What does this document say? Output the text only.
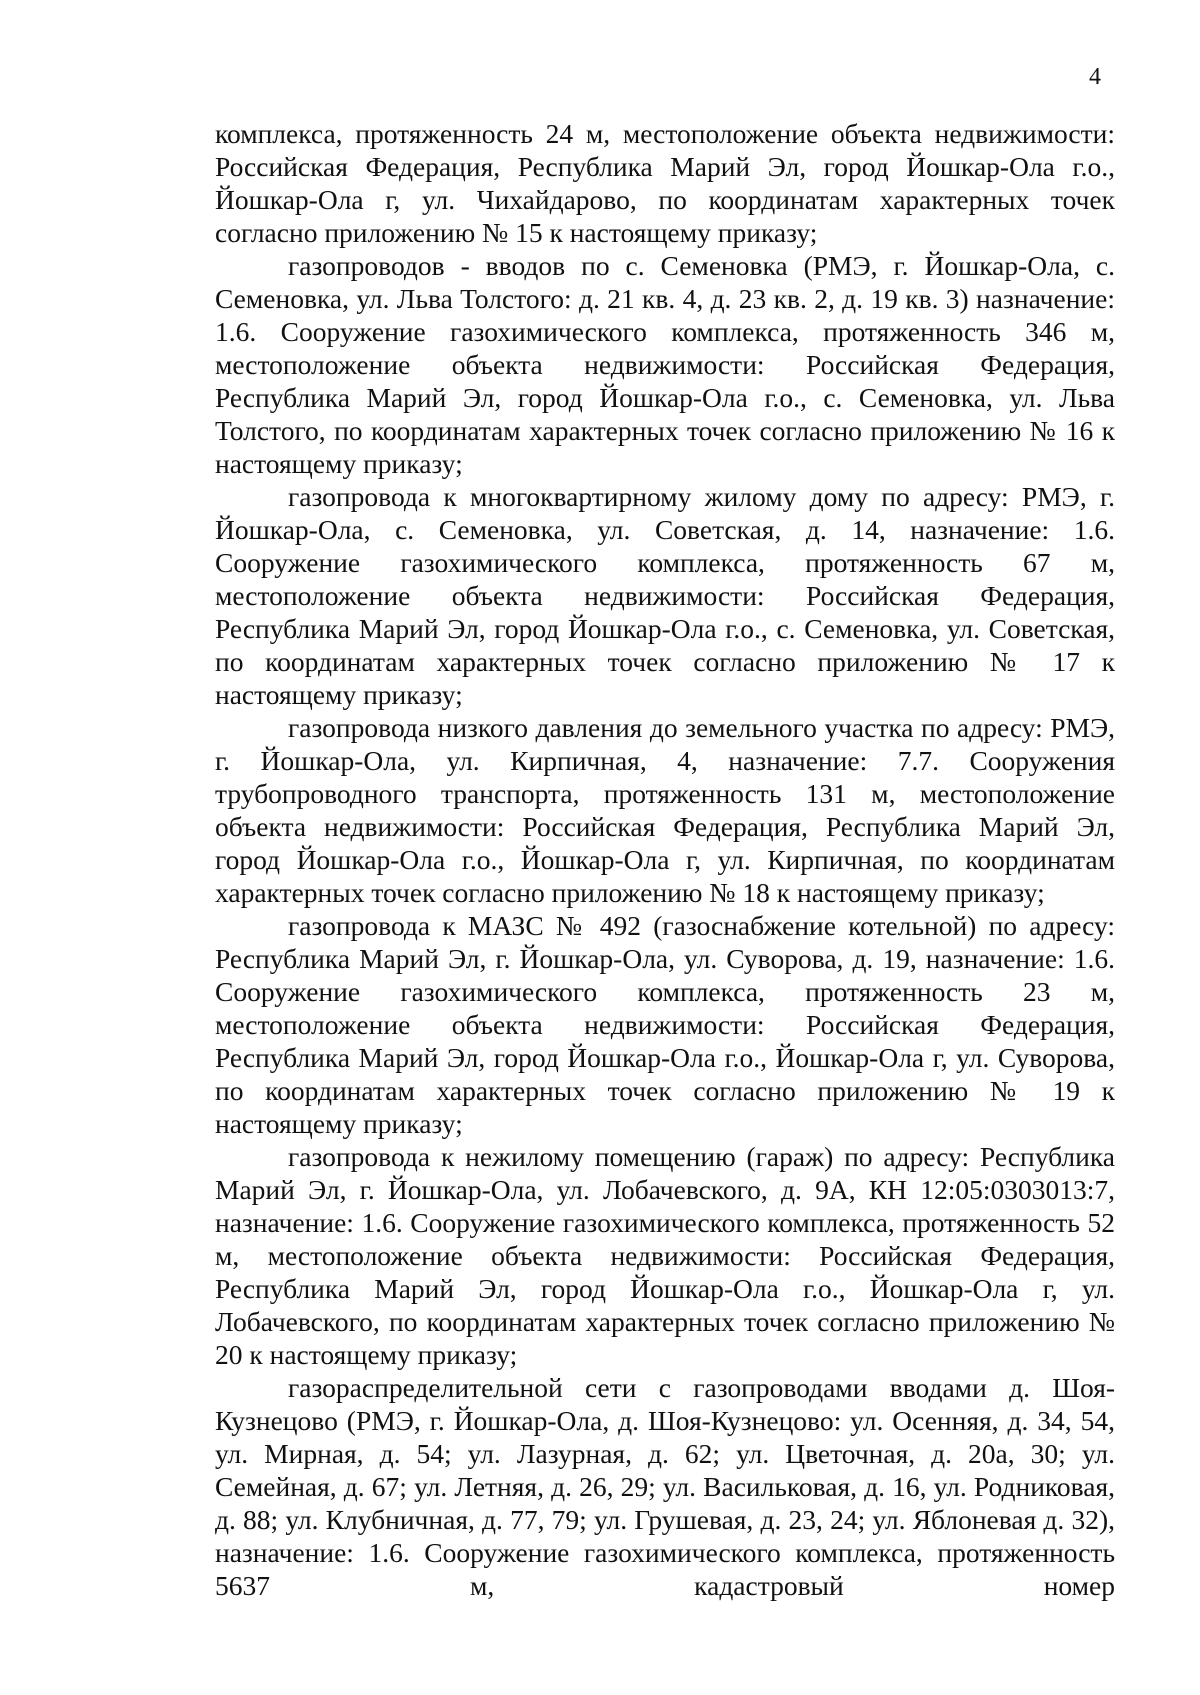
4

комплекса, протяженность 24 м, местоположение объекта недвижимости: Российская Федерация, Республика Марий Эл, город Йошкар-Ола г.о., Йошкар-Ола г, ул. Чихайдарово, по координатам характерных точек согласно приложению № 15 к настоящему приказу;

газопроводов - вводов по с. Семеновка (РМЭ, г. Йошкар-Ола, с. Семеновка, ул. Льва Толстого: д. 21 кв. 4, д. 23 кв. 2, д. 19 кв. 3) назначение: 1.6. Сооружение газохимического комплекса, протяженность 346 м, местоположение объекта недвижимости: Российская Федерация, Республика Марий Эл, город Йошкар-Ола г.о., с. Семеновка, ул. Льва Толстого, по координатам характерных точек согласно приложению № 16 к настоящему приказу;

газопровода к многоквартирному жилому дому по адресу: РМЭ, г. Йошкар-Ола, с. Семеновка, ул. Советская, д. 14, назначение: 1.6. Сооружение газохимического комплекса, протяженность 67 м, местоположение объекта недвижимости: Российская Федерация, Республика Марий Эл, город Йошкар-Ола г.о., с. Семеновка, ул. Советская, по координатам характерных точек согласно приложению № 17 к настоящему приказу;

газопровода низкого давления до земельного участка по адресу: РМЭ, г. Йошкар-Ола, ул. Кирпичная, 4, назначение: 7.7. Сооружения трубопроводного транспорта, протяженность 131 м, местоположение объекта недвижимости: Российская Федерация, Республика Марий Эл, город Йошкар-Ола г.о., Йошкар-Ола г, ул. Кирпичная, по координатам характерных точек согласно приложению № 18 к настоящему приказу;

газопровода к МАЗС № 492 (газоснабжение котельной) по адресу: Республика Марий Эл, г. Йошкар-Ола, ул. Суворова, д. 19, назначение: 1.6. Сооружение газохимического комплекса, протяженность 23 м, местоположение объекта недвижимости: Российская Федерация, Республика Марий Эл, город Йошкар-Ола г.о., Йошкар-Ола г, ул. Суворова, по координатам характерных точек согласно приложению № 19 к настоящему приказу;

газопровода к нежилому помещению (гараж) по адресу: Республика Марий Эл, г. Йошкар-Ола, ул. Лобачевского, д. 9А, КН 12:05:0303013:7, назначение: 1.6. Сооружение газохимического комплекса, протяженность 52 м, местоположение объекта недвижимости: Российская Федерация, Республика Марий Эл, город Йошкар-Ола г.о., Йошкар-Ола г, ул. Лобачевского, по координатам характерных точек согласно приложению № 20 к настоящему приказу;

газораспределительной сети с газопроводами вводами д. Шоя-Кузнецово (РМЭ, г. Йошкар-Ола, д. Шоя-Кузнецово: ул. Осенняя, д. 34, 54, ул. Мирная, д. 54; ул. Лазурная, д. 62; ул. Цветочная, д. 20а, 30; ул. Семейная, д. 67; ул. Летняя, д. 26, 29; ул. Васильковая, д. 16, ул. Родниковая, д. 88; ул. Клубничная, д. 77, 79; ул. Грушевая, д. 23, 24; ул. Яблоневая д. 32), назначение: 1.6. Сооружение газохимического комплекса, протяженность 5637 м, кадастровый номер
